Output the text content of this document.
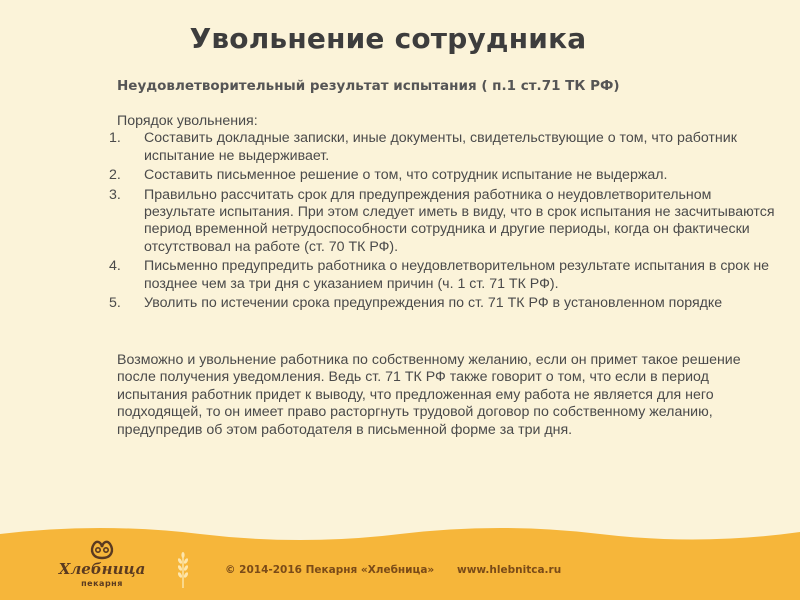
Увольнение сотрудника
Неудовлетворительный результат испытания ( п.1 ст.71 ТК РФ)

Порядок увольнения:

1. Составить докладные записки, иные документы, свидетельствующие о том, что работник испытание не выдерживает.
2. Составить письменное решение о том, что сотрудник испытание не выдержал.
3. Правильно рассчитать срок для предупреждения работника о неудовлетворительном результате испытания. При этом следует иметь в виду, что в срок испытания не засчитываются период временной нетрудоспособности сотрудника и другие периоды, когда он фактически отсутствовал на работе (ст. 70 ТК РФ).
4. Письменно предупредить работника о неудовлетворительном результате испытания в срок не позднее чем за три дня с указанием причин (ч. 1 ст. 71 ТК РФ).
5. Уволить по истечении срока предупреждения по ст. 71 ТК РФ в установленном порядке

Возможно и увольнение работника по собственному желанию, если он примет такое решение после получения уведомления. Ведь ст. 71 ТК РФ также говорит о том, что если в период испытания работник придет к выводу, что предложенная ему работа не является для него подходящей, то он имеет право расторгнуть трудовой договор по собственному желанию, предупредив об этом работодателя в письменной форме за три дня.

Хлебница
пекарня
© 2014-2016 Пекарня «Хлебница» www.hlebnitca.ru
